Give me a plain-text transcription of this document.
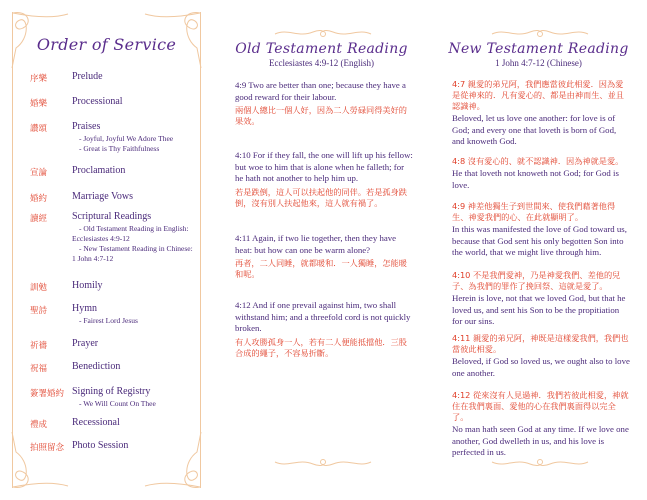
Order of Service
序樂	Prelude
婚樂	Processional
讚頌	Praises
- Joyful, Joyful We Adore Thee
- Great is Thy Faithfulness
宣論	Proclamation
婚約	Marriage Vows
讀經	Scriptural Readings
- Old Testament Reading in English:
Ecclesiastes 4:9-12
- New Testament Reading in Chinese:
1 John 4:7-12
訓勉	Homily
聖詩	Hymn
- Fairest Lord Jesus
祈禱	Prayer
祝福	Benediction
簽署婚約 Signing of Registry
- We Will Count On Thee
禮成	Recessional
拍照留念 Photo Session
Old Testament Reading
Ecclesiastes 4:9-12 (English)
New Testament Reading
1 John 4:7-12 (Chinese)

4:9 Two are better than one; because they have a good reward for their labour.

兩個人總比一個人好，因為二人勞碌同得美好的果效。

4:10 For if they fall, the one will lift up his fellow: but woe to him that is alone when he falleth; for he hath not another to help him up.

若是跌倒，這人可以扶起他的同伴。若是孤身跌倒，沒有別人扶起他來，這人就有禍了。

4:11 Again, if two lie together, then they have heat: but how can one be warm alone?

再者，二人同睡，就都暖和．一人獨睡，怎能暖和呢。

4:12 And if one prevail against him, two shall withstand him; and a threefold cord is not quickly broken.

有人攻勝孤身一人，若有二人便能抵擋他．三股合成的繩子，不容易折斷。

4:7 親愛的弟兄阿，我們應當彼此相愛．因為愛是從神來的．凡有愛心的、都是由神而生、並且認識神。

Beloved, let us love one another: for love is of God; and every one that loveth is born of God, and knoweth God.

4:8 沒有愛心的、就不認識神．因為神就是愛。

He that loveth not knoweth not God; for God is love.

4:9 神差他獨生子到世間來、使我們藉著他得生、神愛我們的心、在此就顯明了。

In this was manifested the love of God toward us, because that God sent his only begotten Son into the world, that we might live through him.

4:10 不是我們愛神，乃是神愛我們、差他的兒子、為我們的罪作了挽回祭、這就是愛了。

Herein is love, not that we loved God, but that he loved us, and sent his Son to be the propitiation for our sins.

4:11 親愛的弟兄阿，神既是這樣愛我們，我們也當彼此相愛。

Beloved, if God so loved us, we ought also to love one another.

4:12 從來沒有人見過神．我們若彼此相愛，神就住在我們裏面、愛他的心在我們裏面得以完全了。

No man hath seen God at any time. If we love one another, God dwelleth in us, and his love is perfected in us.
